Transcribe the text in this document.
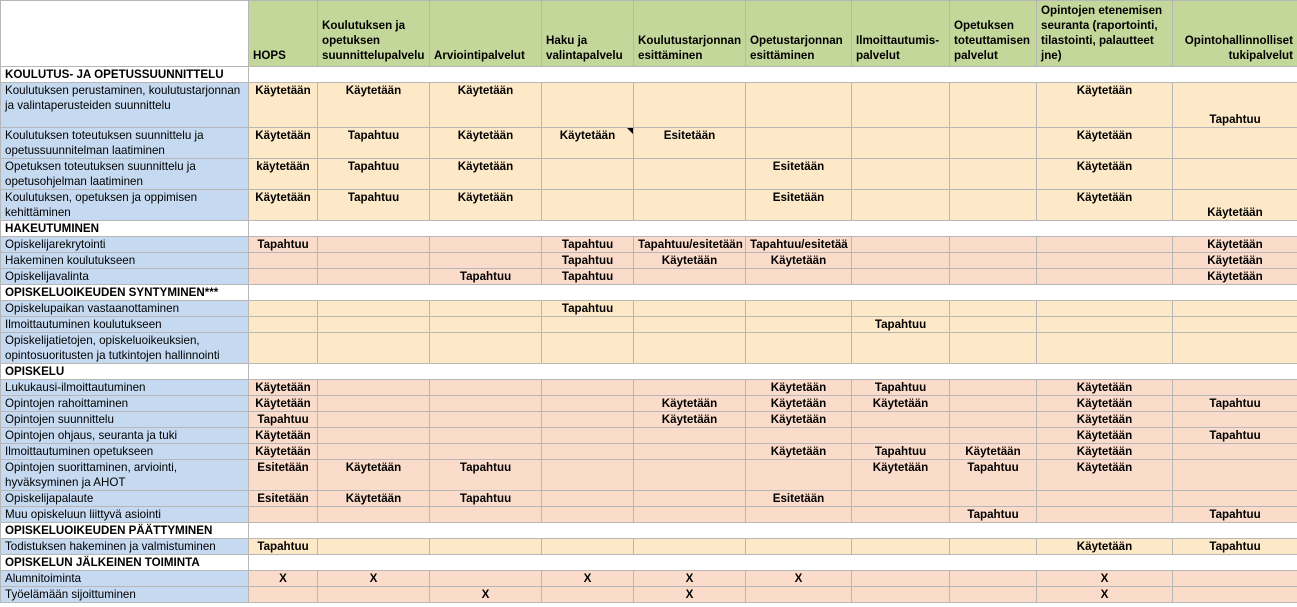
	HOPS	Koulutuksen ja opetuksen suunnittelupalvelu	Arviointipalvelut	Haku ja valintapalvelu	Koulutustarjonnan esittäminen	Opetustarjonnan esittäminen	Ilmoittautumis-palvelut	Opetuksen toteuttamisen palvelut	Opintojen etenemisen seuranta (raportointi, tilastointi, palautteet jne)	Opintohallinnolliset tukipalvelut
KOULUTUS- JA OPETUSSUUNNITTELU										
Koulutuksen perustaminen, koulutustarjonnan ja valintaperusteiden suunnittelu	Käytetään	Käytetään	Käytetään						Käytetään	Tapahtuu
Koulutuksen toteutuksen suunnittelu ja opetussuunnitelman laatiminen	Käytetään	Tapahtuu	Käytetään	Käytetään	Esitetään				Käytetään	
Opetuksen toteutuksen suunnittelu ja opetusohjelman laatiminen	käytetään	Tapahtuu	Käytetään			Esitetään			Käytetään	
Koulutuksen, opetuksen ja oppimisen kehittäminen	Käytetään	Tapahtuu	Käytetään			Esitetään			Käytetään	Käytetään
HAKEUTUMINEN										
Opiskelijarekrytointi	Tapahtuu			Tapahtuu	Tapahtuu/esitetään	Tapahtuu/esitetää				Käytetään
Hakeminen koulutukseen				Tapahtuu	Käytetään	Käytetään				Käytetään
Opiskelijavalinta			Tapahtuu	Tapahtuu						Käytetään
OPISKELUOIKEUDEN SYNTYMINEN***										
Opiskelupaikan vastaanottaminen				Tapahtuu						
Ilmoittautuminen koulutukseen							Tapahtuu			
Opiskelijatietojen, opiskeluoikeuksien, opintosuoritusten ja tutkintojen hallinnointi										
OPISKELU										
Lukukausi-ilmoittautuminen	Käytetään					Käytetään	Tapahtuu		Käytetään	
Opintojen rahoittaminen	Käytetään				Käytetään	Käytetään	Käytetään		Käytetään	Tapahtuu
Opintojen suunnittelu	Tapahtuu				Käytetään	Käytetään			Käytetään	
Opintojen ohjaus, seuranta ja tuki	Käytetään								Käytetään	Tapahtuu
Ilmoittautuminen opetukseen	Käytetään					Käytetään	Tapahtuu	Käytetään	Käytetään	
Opintojen suorittaminen, arviointi, hyväksyminen ja AHOT	Esitetään	Käytetään	Tapahtuu				Käytetään	Tapahtuu	Käytetään	
Opiskelijapalaute	Esitetään	Käytetään	Tapahtuu			Esitetään				
Muu opiskeluun liittyvä asiointi								Tapahtuu		Tapahtuu
OPISKELUOIKEUDEN PÄÄTTYMINEN										
Todistuksen hakeminen ja valmistuminen	Tapahtuu								Käytetään	Tapahtuu
OPISKELUN JÄLKEINEN TOIMINTA										
Alumnitoiminta	X	X		X	X	X			X	
Työelämään sijoittuminen			X		X				X	
